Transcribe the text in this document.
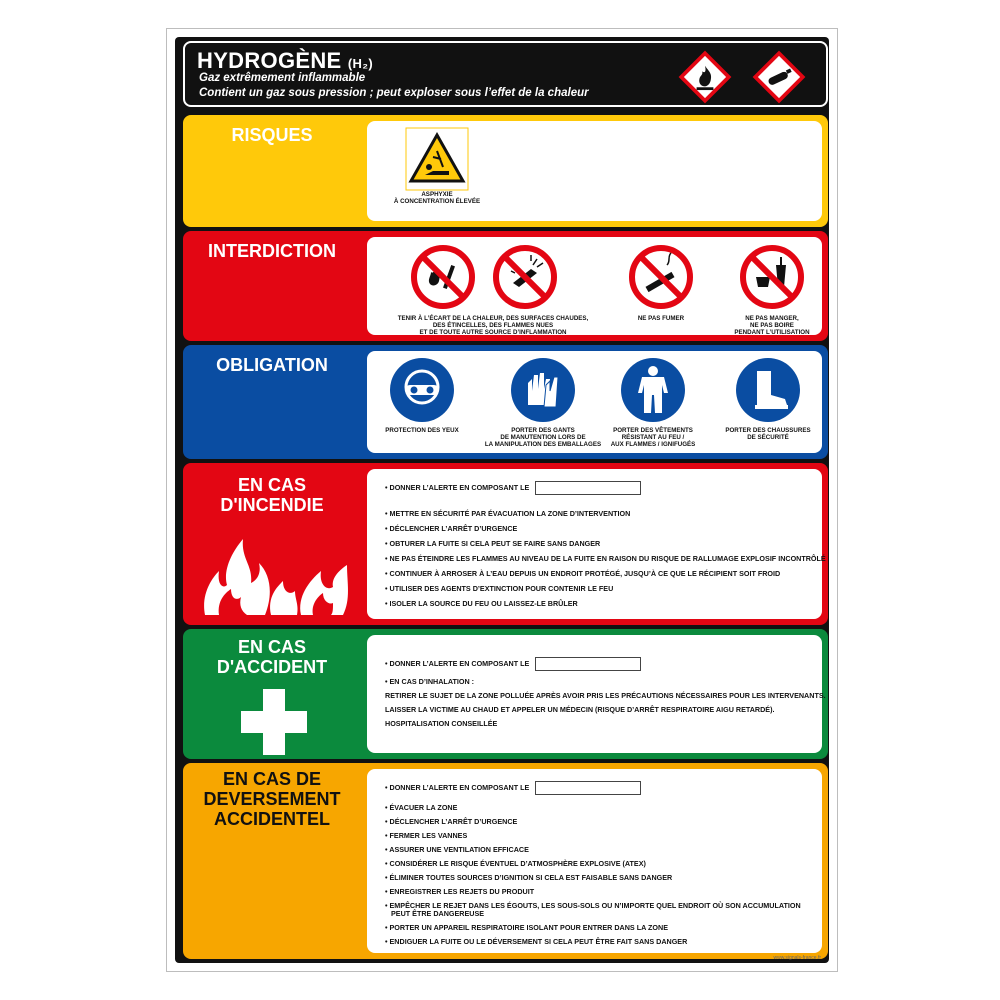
HYDROGÈNE (H₂)
Gaz extrêmement inflammable
Contient un gaz sous pression ; peut exploser sous l’effet de la chaleur
RISQUES
ASPHYXIE
À CONCENTRATION ÉLEVÉE
INTERDICTION
TENIR À L’ÉCART DE LA CHALEUR, DES SURFACES CHAUDES,
DES ÉTINCELLES, DES FLAMMES NUES
ET DE TOUTE AUTRE SOURCE D’INFLAMMATION
NE PAS FUMER	NE PAS MANGER,
NE PAS BOIRE
PENDANT L’UTILISATION
OBLIGATION
PROTECTION DES YEUX	PORTER DES GANTS
DE MANUTENTION LORS DE
LA MANIPULATION DES EMBALLAGES
PORTER DES VÊTEMENTS
RÉSISTANT AU FEU /
AUX FLAMMES / IGNIFUGÉS
PORTER DES CHAUSSURES
DE SÉCURITÉ
EN CAS
D'INCENDIE
• DONNER L’ALERTE EN COMPOSANT LE
• METTRE EN SÉCURITÉ PAR ÉVACUATION LA ZONE D’INTERVENTION
• DÉCLENCHER L’ARRÊT D’URGENCE
• OBTURER LA FUITE SI CELA PEUT SE FAIRE SANS DANGER
• NE PAS ÉTEINDRE LES FLAMMES AU NIVEAU DE LA FUITE EN RAISON DU RISQUE DE RALLUMAGE EXPLOSIF INCONTRÔLÉ
• CONTINUER À ARROSER À L’EAU DEPUIS UN ENDROIT PROTÉGÉ, JUSQU’À CE QUE LE RÉCIPIENT SOIT FROID
• UTILISER DES AGENTS D’EXTINCTION POUR CONTENIR LE FEU
• ISOLER LA SOURCE DU FEU OU LAISSEZ-LE BRÛLER
EN CAS
D'ACCIDENT	• DONNER L’ALERTE EN COMPOSANT LE
• EN CAS D’INHALATION :
RETIRER LE SUJET DE LA ZONE POLLUÉE APRÈS AVOIR PRIS LES PRÉCAUTIONS NÉCESSAIRES POUR LES INTERVENANTS.
LAISSER LA VICTIME AU CHAUD ET APPELER UN MÉDECIN (RISQUE D’ARRÊT RESPIRATOIRE AIGU RETARDÉ).
HOSPITALISATION CONSEILLÉE
EN CAS DE
DEVERSEMENT
ACCIDENTEL
• DONNER L’ALERTE EN COMPOSANT LE
• ÉVACUER LA ZONE
• DÉCLENCHER L’ARRÊT D’URGENCE
• FERMER LES VANNES
• ASSURER UNE VENTILATION EFFICACE
• CONSIDÉRER LE RISQUE ÉVENTUEL D’ATMOSPHÈRE EXPLOSIVE (ATEX)
• ÉLIMINER TOUTES SOURCES D’IGNITION SI CELA EST FAISABLE SANS DANGER
• ENREGISTRER LES REJETS DU PRODUIT
• EMPÊCHER LE REJET DANS LES ÉGOUTS, LES SOUS-SOLS OU N’IMPORTE QUEL ENDROIT OÙ SON ACCUMULATION
PEUT ÊTRE DANGEREUSE
• PORTER UN APPAREIL RESPIRATOIRE ISOLANT POUR ENTRER DANS LA ZONE
• ENDIGUER LA FUITE OU LE DÉVERSEMENT SI CELA PEUT ÊTRE FAIT SANS DANGER
www.signals-france.fr
